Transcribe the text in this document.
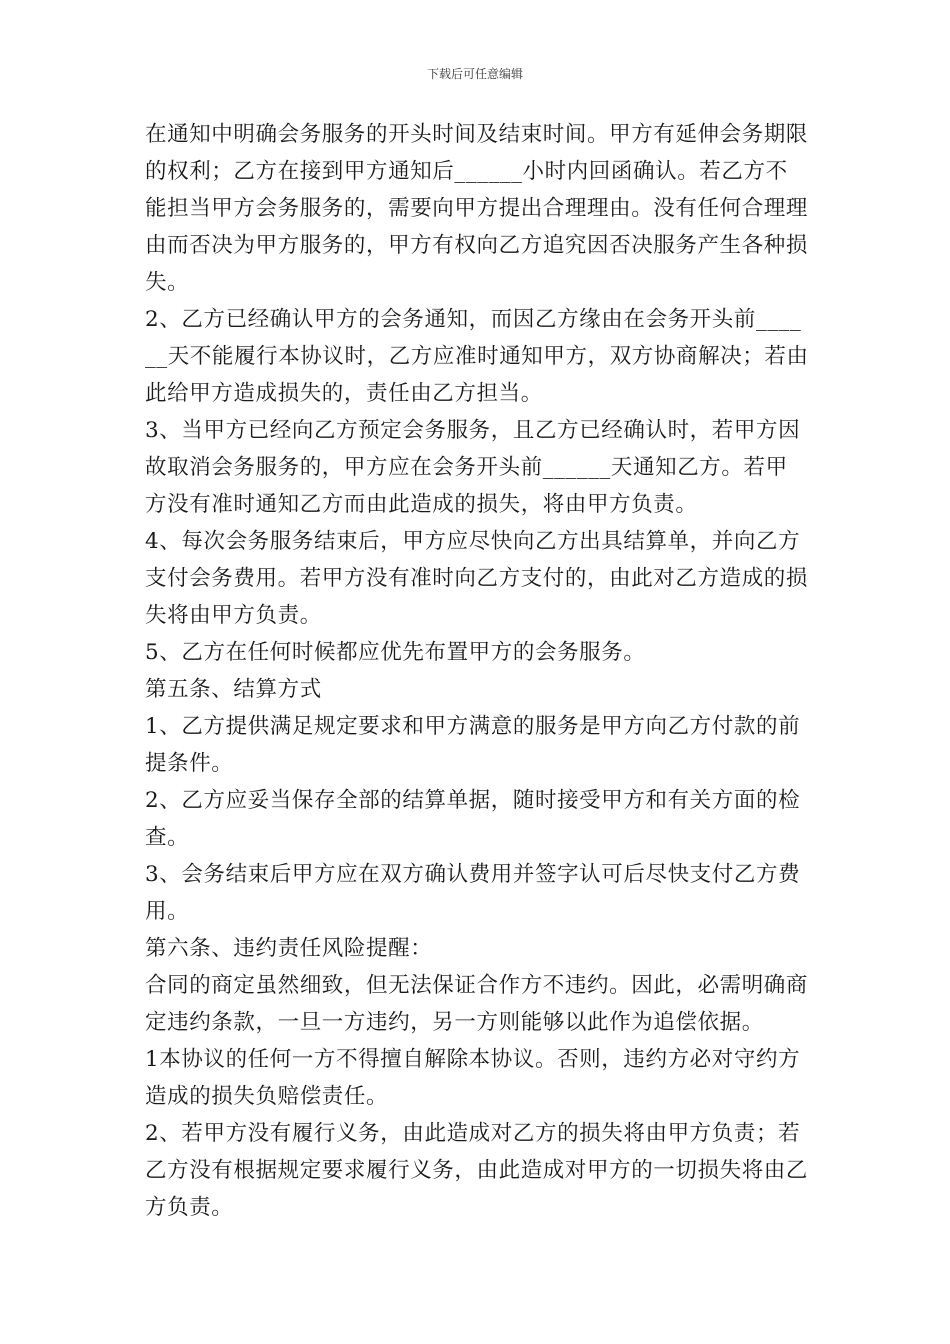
下载后可任意编辑

在通知中明确会务服务的开头时间及结束时间。甲方有延伸会务期限的权利；乙方在接到甲方通知后______小时内回函确认。若乙方不能担当甲方会务服务的，需要向甲方提出合理理由。没有任何合理理由而否决为甲方服务的，甲方有权向乙方追究因否决服务产生各种损失。

2、乙方已经确认甲方的会务通知，而因乙方缘由在会务开头前______天不能履行本协议时，乙方应准时通知甲方，双方协商解决；若由此给甲方造成损失的，责任由乙方担当。

3、当甲方已经向乙方预定会务服务，且乙方已经确认时，若甲方因故取消会务服务的，甲方应在会务开头前______天通知乙方。若甲方没有准时通知乙方而由此造成的损失，将由甲方负责。

4、每次会务服务结束后，甲方应尽快向乙方出具结算单，并向乙方支付会务费用。若甲方没有准时向乙方支付的，由此对乙方造成的损失将由甲方负责。

5、乙方在任何时候都应优先布置甲方的会务服务。

第五条、结算方式

1、乙方提供满足规定要求和甲方满意的服务是甲方向乙方付款的前提条件。

2、乙方应妥当保存全部的结算单据，随时接受甲方和有关方面的检查。

3、会务结束后甲方应在双方确认费用并签字认可后尽快支付乙方费用。

第六条、违约责任风险提醒：

合同的商定虽然细致，但无法保证合作方不违约。因此，必需明确商定违约条款，一旦一方违约，另一方则能够以此作为追偿依据。

1本协议的任何一方不得擅自解除本协议。否则，违约方必对守约方造成的损失负赔偿责任。

2、若甲方没有履行义务，由此造成对乙方的损失将由甲方负责；若乙方没有根据规定要求履行义务，由此造成对甲方的一切损失将由乙方负责。
